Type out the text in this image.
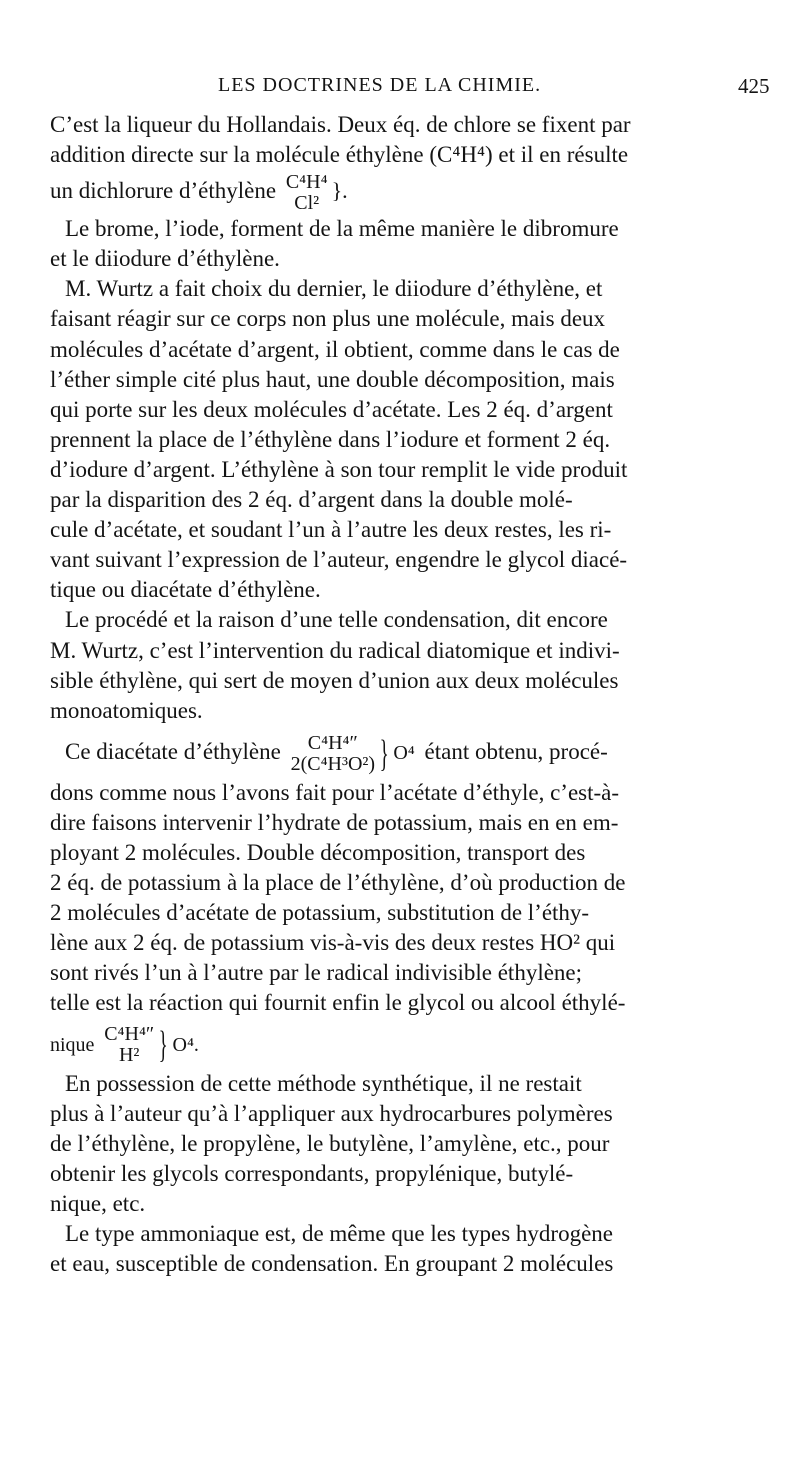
LES DOCTRINES DE LA CHIMIE.	425
C’est la liqueur du Hollandais. Deux éq. de chlore se fixent par
addition directe sur la molécule éthylène (C⁴H⁴) et il en résulte
un dichlorure d’éthylène C⁴H⁴
Cl² }.
Le brome, l’iode, forment de la même manière le dibromure
et le diiodure d’éthylène.
M. Wurtz a fait choix du dernier, le diiodure d’éthylène, et
faisant réagir sur ce corps non plus une molécule, mais deux
molécules d’acétate d’argent, il obtient, comme dans le cas de
l’éther simple cité plus haut, une double décomposition, mais
qui porte sur les deux molécules d’acétate. Les 2 éq. d’argent
prennent la place de l’éthylène dans l’iodure et forment 2 éq.
d’iodure d’argent. L’éthylène à son tour remplit le vide produit
par la disparition des 2 éq. d’argent dans la double molé-
cule d’acétate, et soudant l’un à l’autre les deux restes, les ri-
vant suivant l’expression de l’auteur, engendre le glycol diacé-
tique ou diacétate d’éthylène.
Le procédé et la raison d’une telle condensation, dit encore
M. Wurtz, c’est l’intervention du radical diatomique et indivi-
sible éthylène, qui sert de moyen d’union aux deux molécules
monoatomiques.
Ce diacétate d’éthylène	C⁴H⁴″
2(C⁴H³O²) } O⁴ étant obtenu, procé-
dons comme nous l’avons fait pour l’acétate d’éthyle, c’est-à-
dire faisons intervenir l’hydrate de potassium, mais en en em-
ployant 2 molécules. Double décomposition, transport des
2 éq. de potassium à la place de l’éthylène, d’où production de
2 molécules d’acétate de potassium, substitution de l’éthy-
lène aux 2 éq. de potassium vis-à-vis des deux restes HO² qui
sont rivés l’un à l’autre par le radical indivisible éthylène;
telle est la réaction qui fournit enfin le glycol ou alcool éthylé-
nique C⁴H⁴″
H² } O⁴.
En possession de cette méthode synthétique, il ne restait
plus à l’auteur qu’à l’appliquer aux hydrocarbures polymères
de l’éthylène, le propylène, le butylène, l’amylène, etc., pour
obtenir les glycols correspondants, propylénique, butylé-
nique, etc.
Le type ammoniaque est, de même que les types hydrogène
et eau, susceptible de condensation. En groupant 2 molécules
